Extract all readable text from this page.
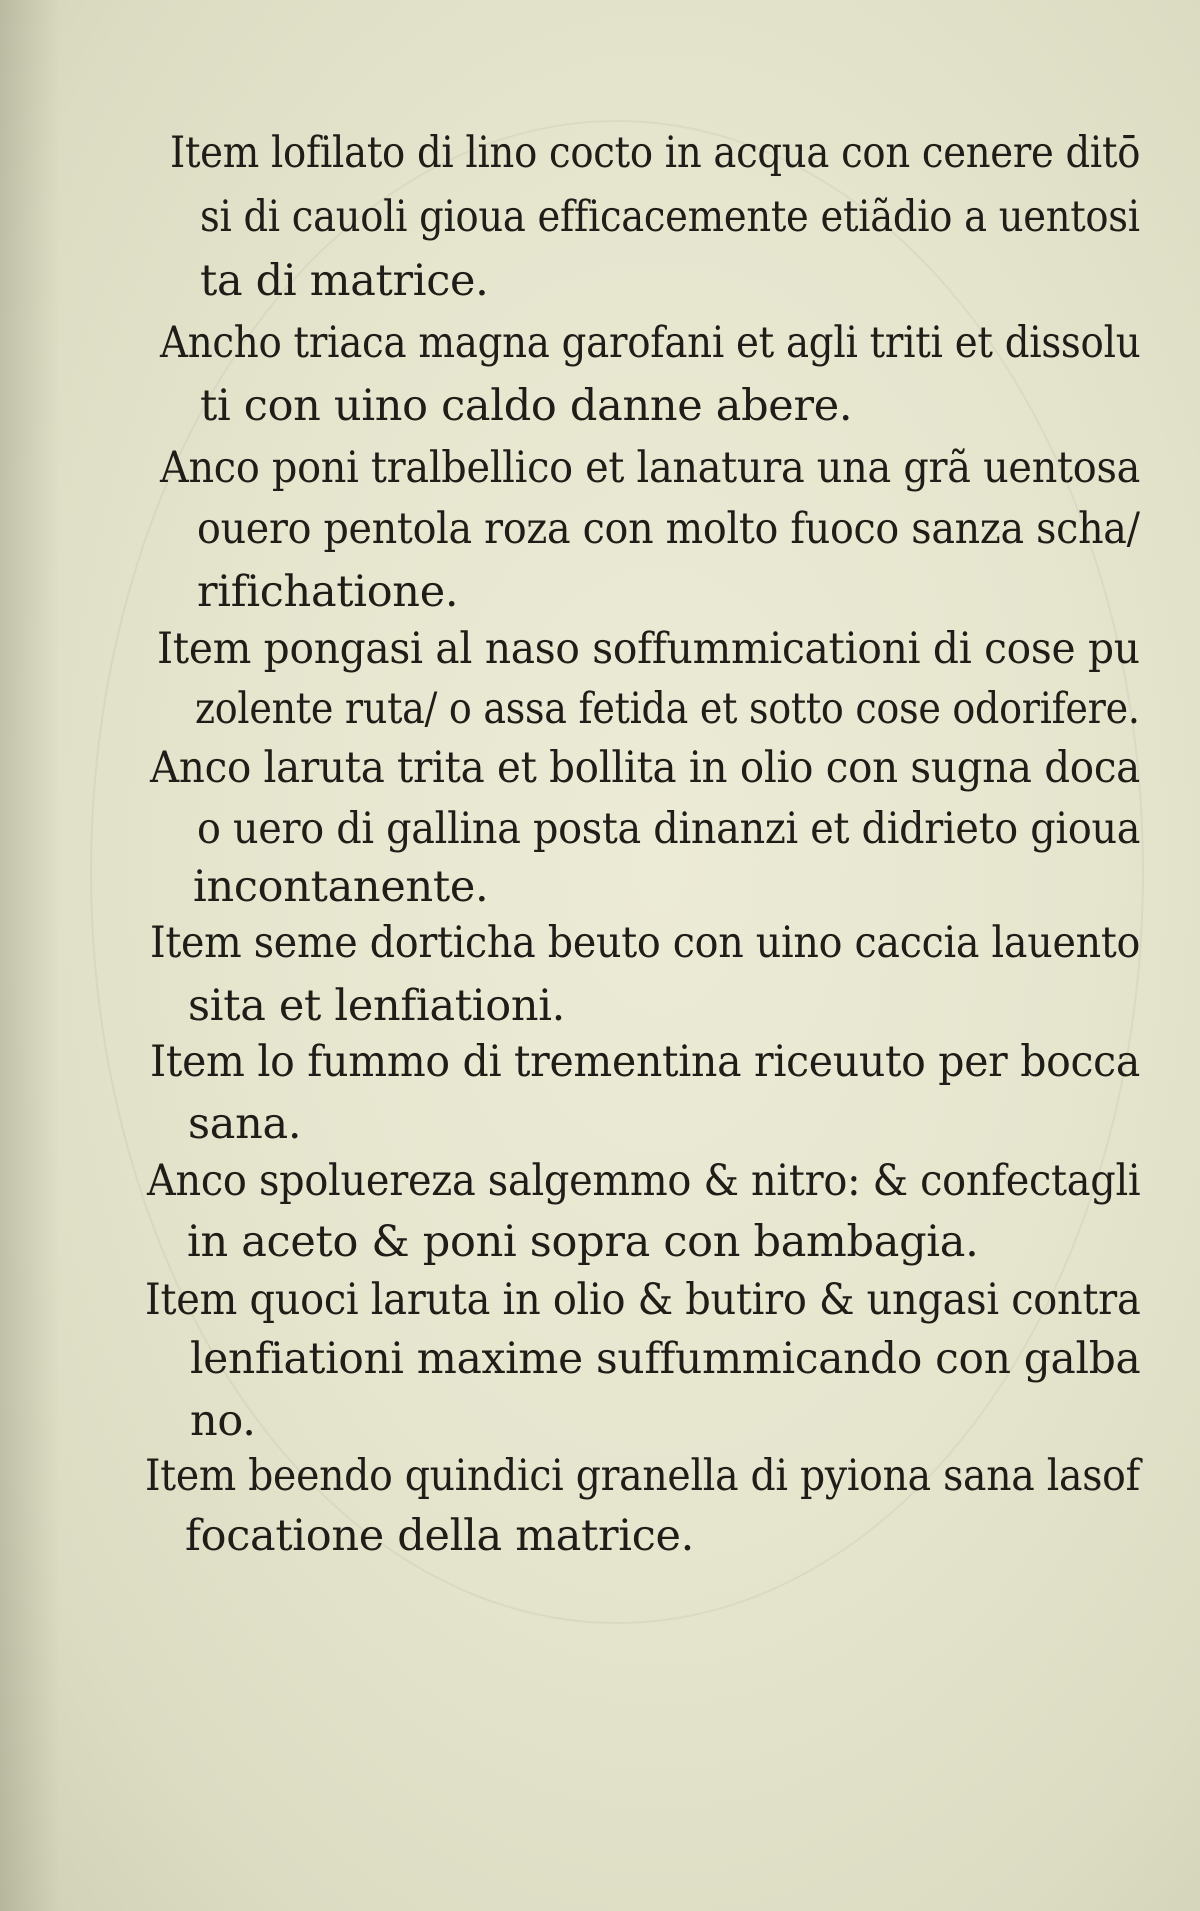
Item lofilato di lino cocto in acqua con cenere ditō
si di cauoli gioua efficacemente etiãdio a uentosi
ta di matrice.
Ancho triaca magna garofani et agli triti et dissolu
ti con uino caldo danne abere.
Anco poni tralbellico et lanatura una grã uentosa
ouero pentola roza con molto fuoco sanza scha/
rifichatione.
Item pongasi al naso soffummicationi di cose pu
zolente ruta/ o assa fetida et sotto cose odorifere.
Anco laruta trita et bollita in olio con sugna doca
o uero di gallina posta dinanzi et didrieto gioua
incontanente.
Item seme dorticha beuto con uino caccia lauento
sita et lenfiationi.
Item lo fummo di trementina riceuuto per bocca
sana.
Anco spoluereza salgemmo & nitro: & confectagli
in aceto & poni sopra con bambagia.
Item quoci laruta in olio & butiro & ungasi contra
lenfiationi maxime suffummicando con galba
no.
Item beendo quindici granella di pyiona sana lasof
focatione della matrice.
